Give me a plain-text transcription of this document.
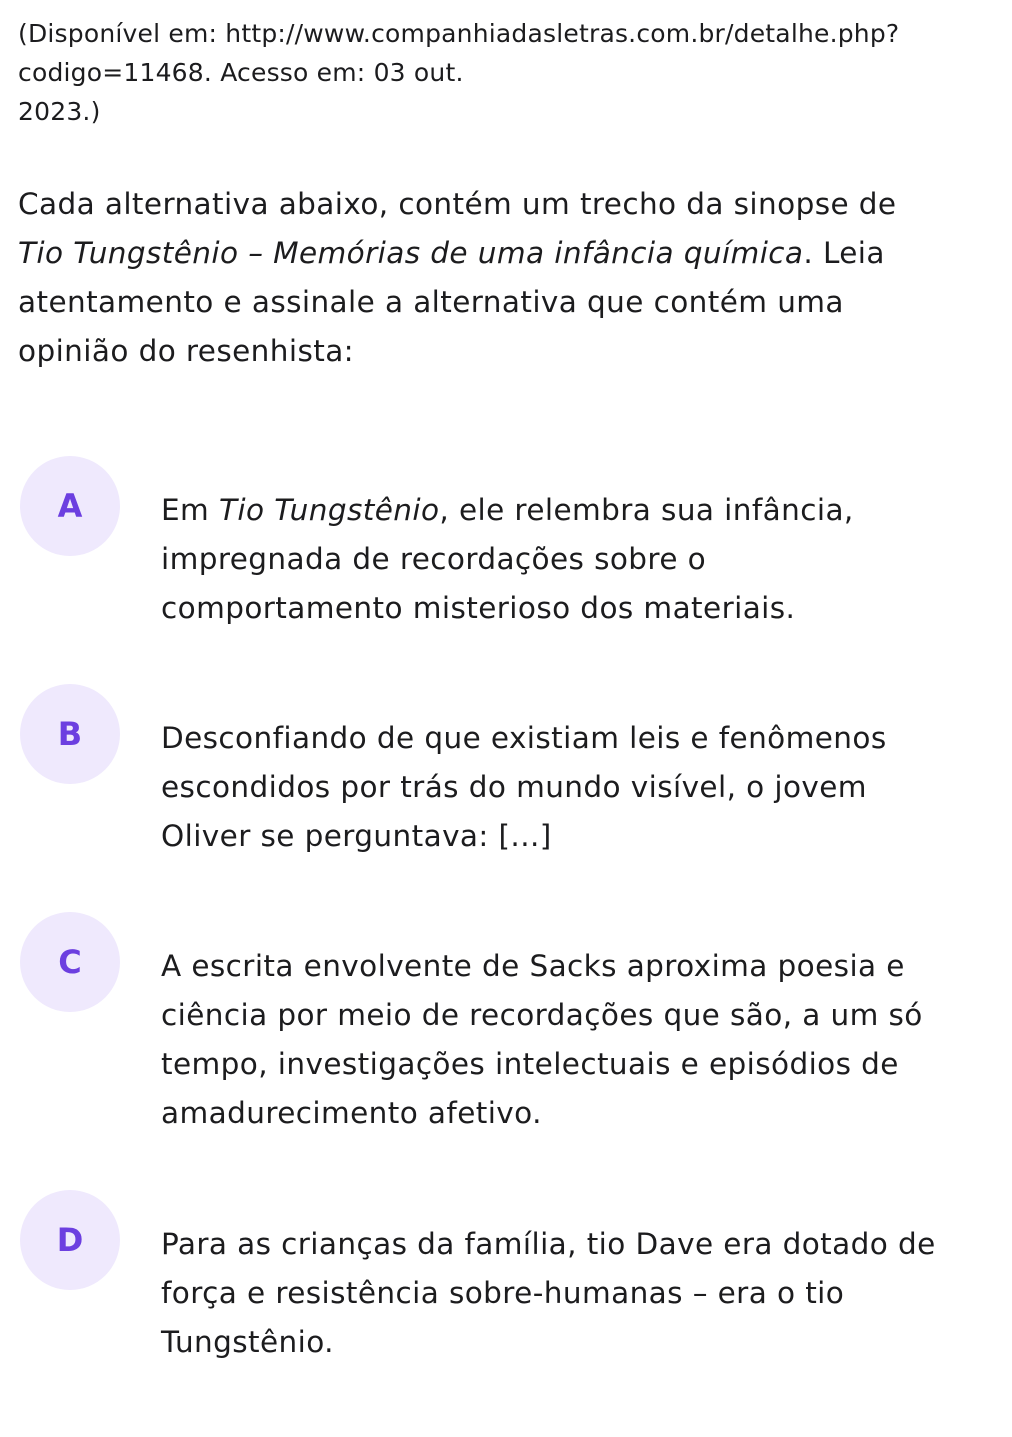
(Disponível em: http://www.companhiadasletras.com.br/detalhe.php?
codigo=11468. Acesso em: 03 out.
2023.)

Cada alternativa abaixo, contém um trecho da sinopse de
Tio Tungstênio – Memórias de uma infância química. Leia
atentamento e assinale a alternativa que contém uma
opinião do resenhista:

A	Em Tio Tungstênio, ele relembra sua infância,
impregnada de recordações sobre o
comportamento misterioso dos materiais.
B	Desconfiando de que existiam leis e fenômenos
escondidos por trás do mundo visível, o jovem
Oliver se perguntava: [...]
C	A escrita envolvente de Sacks aproxima poesia e
ciência por meio de recordações que são, a um só
tempo, investigações intelectuais e episódios de
amadurecimento afetivo.
D	Para as crianças da família, tio Dave era dotado de
força e resistência sobre-humanas – era o tio
Tungstênio.
